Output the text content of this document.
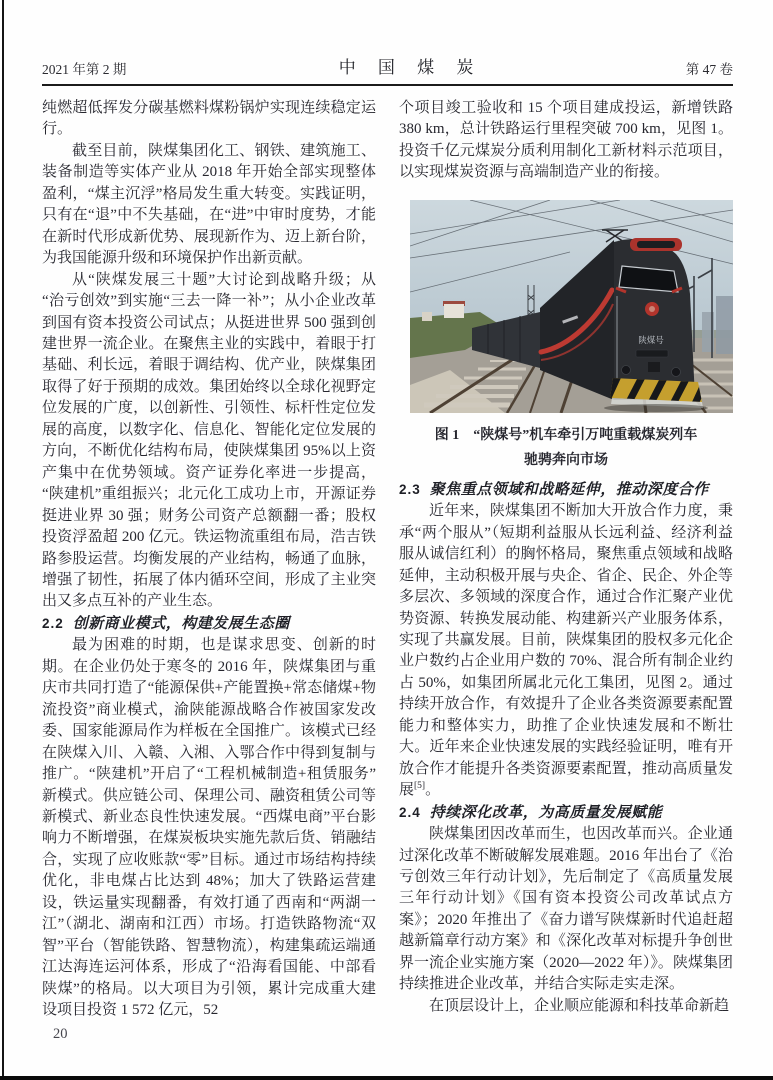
2021 年第 2 期	中 国 煤 炭	第 47 卷

纯燃超低挥发分碳基燃料煤粉锅炉实现连续稳定运行。

截至目前，陕煤集团化工、钢铁、建筑施工、装备制造等实体产业从 2018 年开始全部实现整体盈利，“煤主沉浮”格局发生重大转变。实践证明，只有在“退”中不失基础，在“进”中审时度势，才能在新时代形成新优势、展现新作为、迈上新台阶，为我国能源升级和环境保护作出新贡献。

从“陕煤发展三十题”大讨论到战略升级；从“治亏创效”到实施“三去一降一补”；从小企业改革到国有资本投资公司试点；从挺进世界 500 强到创建世界一流企业。在聚焦主业的实践中，着眼于打基础、利长远，着眼于调结构、优产业，陕煤集团取得了好于预期的成效。集团始终以全球化视野定位发展的广度，以创新性、引领性、标杆性定位发展的高度，以数字化、信息化、智能化定位发展的方向，不断优化结构布局，使陕煤集团 95%以上资产集中在优势领域。资产证券化率进一步提高，“陕建机”重组振兴；北元化工成功上市，开源证券挺进业界 30 强；财务公司资产总额翻一番；股权投资浮盈超 200 亿元。铁运物流重组布局，浩吉铁路参股运营。均衡发展的产业结构，畅通了血脉，增强了韧性，拓展了体内循环空间，形成了主业突出又多点互补的产业生态。

2.2 创新商业模式，构建发展生态圈

最为困难的时期，也是谋求思变、创新的时期。在企业仍处于寒冬的 2016 年，陕煤集团与重庆市共同打造了“能源保供+产能置换+常态储煤+物流投资”商业模式，渝陕能源战略合作被国家发改委、国家能源局作为样板在全国推广。该模式已经在陕煤入川、入赣、入湘、入鄂合作中得到复制与推广。“陕建机”开启了“工程机械制造+租赁服务”新模式。供应链公司、保理公司、融资租赁公司等新模式、新业态良性快速发展。“西煤电商”平台影响力不断增强，在煤炭板块实施先款后货、销融结合，实现了应收账款“零”目标。通过市场结构持续优化，非电煤占比达到 48%；加大了铁路运营建设，铁运量实现翻番，有效打通了西南和“两湖一江”（湖北、湖南和江西）市场。打造铁路物流“双智”平台（智能铁路、智慧物流），构建集疏运端通江达海连运河体系，形成了“沿海看国能、中部看陕煤”的格局。以大项目为引领，累计完成重大建设项目投资 1 572 亿元，52

个项目竣工验收和 15 个项目建成投运，新增铁路 380 km，总计铁路运行里程突破 700 km，见图 1。投资千亿元煤炭分质利用制化工新材料示范项目，以实现煤炭资源与高端制造产业的衔接。

陕煤号
图 1　“陕煤号”机车牵引万吨重载煤炭列车
驰骋奔向市场
2.3 聚焦重点领域和战略延伸，推动深度合作

近年来，陕煤集团不断加大开放合作力度，秉承“两个服从”（短期利益服从长远利益、经济利益服从诚信红利）的胸怀格局，聚焦重点领域和战略延伸，主动积极开展与央企、省企、民企、外企等多层次、多领域的深度合作，通过合作汇聚产业优势资源、转换发展动能、构建新兴产业服务体系，实现了共赢发展。目前，陕煤集团的股权多元化企业户数约占企业用户数的 70%、混合所有制企业约占 50%，如集团所属北元化工集团，见图 2。通过持续开放合作，有效提升了企业各类资源要素配置能力和整体实力，助推了企业快速发展和不断壮大。近年来企业快速发展的实践经验证明，唯有开放合作才能提升各类资源要素配置，推动高质量发展[5]。

2.4 持续深化改革，为高质量发展赋能

陕煤集团因改革而生，也因改革而兴。企业通过深化改革不断破解发展难题。2016 年出台了《治亏创效三年行动计划》，先后制定了《高质量发展三年行动计划》《国有资本投资公司改革试点方案》；2020 年推出了《奋力谱写陕煤新时代追赶超越新篇章行动方案》和《深化改革对标提升争创世界一流企业实施方案（2020—2022 年）》。陕煤集团持续推进企业改革，并结合实际走实走深。

在顶层设计上，企业顺应能源和科技革命新趋

20
